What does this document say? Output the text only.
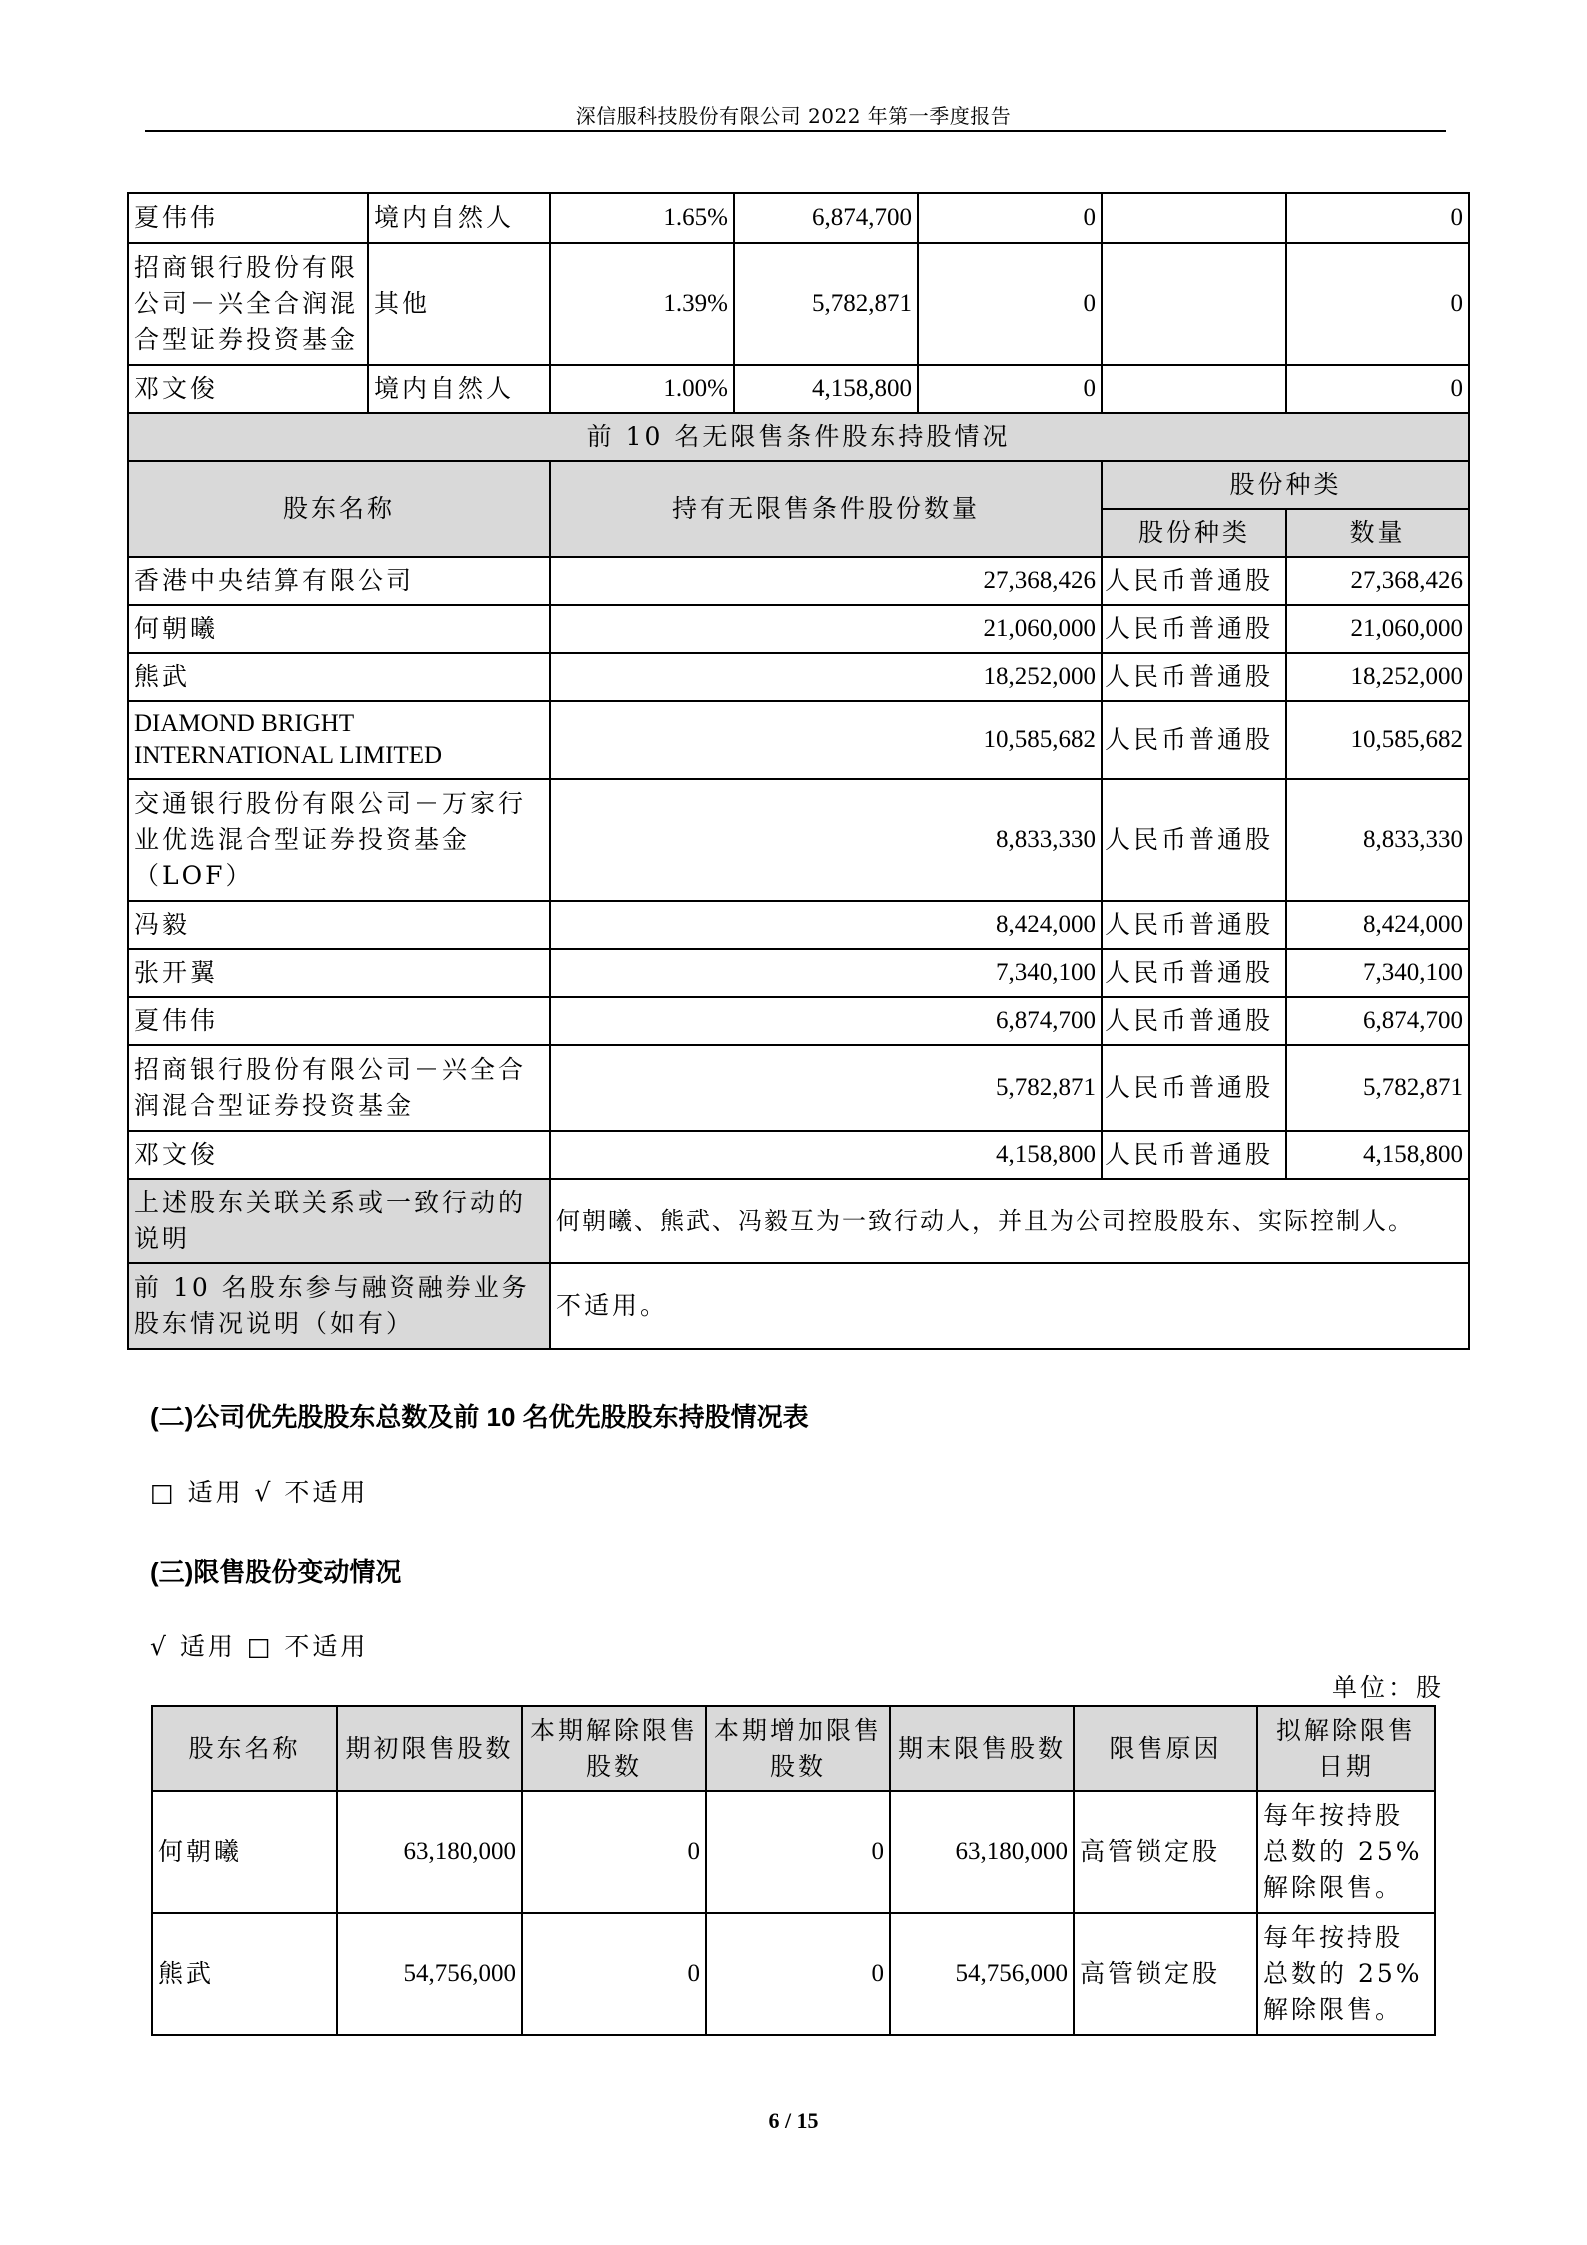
深信服科技股份有限公司 2022 年第一季度报告
夏伟伟	境内自然人	1.65%	6,874,700	0		0
招商银行股份有限公司－兴全合润混合型证券投资基金	其他	1.39%	5,782,871	0		0
邓文俊	境内自然人	1.00%	4,158,800	0		0
前 10 名无限售条件股东持股情况						
股东名称		持有无限售条件股份数量			股份种类	
					股份种类	数量
香港中央结算有限公司		27,368,426			人民币普通股	27,368,426
何朝曦		21,060,000			人民币普通股	21,060,000
熊武		18,252,000			人民币普通股	18,252,000
DIAMOND BRIGHT INTERNATIONAL LIMITED		10,585,682			人民币普通股	10,585,682
交通银行股份有限公司－万家行业优选混合型证券投资基金（LOF）		8,833,330			人民币普通股	8,833,330
冯毅		8,424,000			人民币普通股	8,424,000
张开翼		7,340,100			人民币普通股	7,340,100
夏伟伟		6,874,700			人民币普通股	6,874,700
招商银行股份有限公司－兴全合润混合型证券投资基金		5,782,871			人民币普通股	5,782,871
邓文俊		4,158,800			人民币普通股	4,158,800
上述股东关联关系或一致行动的说明		何朝曦、熊武、冯毅互为一致行动人，并且为公司控股股东、实际控制人。				
前 10 名股东参与融资融券业务股东情况说明（如有）		不适用。				
(二)公司优先股股东总数及前 10 名优先股股东持股情况表
□ 适用 √ 不适用
(三)限售股份变动情况
√ 适用 □ 不适用
单位：股
股东名称	期初限售股数	本期解除限售股数	本期增加限售股数	期末限售股数	限售原因	拟解除限售日期
何朝曦	63,180,000	0	0	63,180,000	高管锁定股	每年按持股总数的 25%解除限售。
熊武	54,756,000	0	0	54,756,000	高管锁定股	每年按持股总数的 25%解除限售。
6 / 15
